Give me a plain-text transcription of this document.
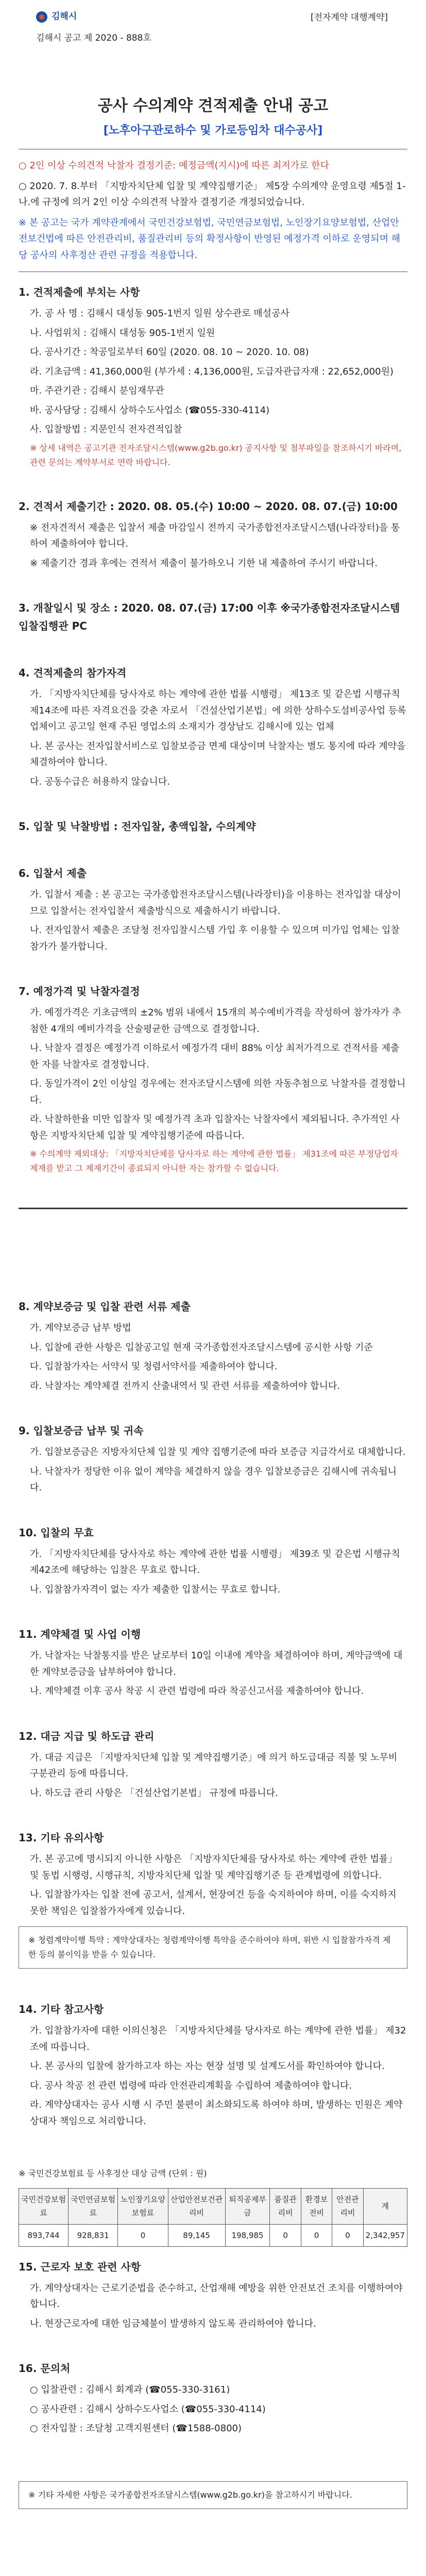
김해시
김해시 공고 제 2020 - 888호
[전자계약 대행계약]
공사 수의계약 견적제출 안내 공고
[노후아구관로하수 및 가로등임차 대수공사]

○ 2인 이상 수의견적 낙찰자 결정기준: 예정금액(지시)에 따른 최저가로 한다

○ 2020. 7. 8.부터 「지방자치단체 입찰 및 계약집행기준」 제5장 수의계약 운영요령 제5절 1-나.에 규정에 의거 2인 이상 수의견적 낙찰자 결정기준 개정되었습니다.

※ 본 공고는 국가 계약관계에서 국민건강보험법, 국민연금보험법, 노인장기요양보험법, 산업안전보건법에 따른 안전관리비, 품질관리비 등의 확정사항이 반영된 예정가격 이하로 운영되며 해당 공사의 사후정산 관련 규정을 적용합니다.

1. 견적제출에 부치는 사항
가. 공 사 명 : 김해시 대성동 905-1번지 일원 상수관로 매설공사
나. 사업위치 : 김해시 대성동 905-1번지 일원
다. 공사기간 : 착공일로부터 60일 (2020. 08. 10 ~ 2020. 10. 08)
라. 기초금액 : 41,360,000원 (부가세 : 4,136,000원, 도급자관급자재 : 22,652,000원)
마. 주관기관 : 김해시 분임재무관
바. 공사담당 : 김해시 상하수도사업소 (☎055-330-4114)
사. 입찰방법 : 지문인식 전자견적입찰
※ 상세 내역은 공고기관 전자조달시스템(www.g2b.go.kr) 공지사항 및 첨부파일을 참조하시기 바라며, 관련 문의는 계약부서로 연락 바랍니다.
2. 견적서 제출기간 : 2020. 08. 05.(수) 10:00 ~ 2020. 08. 07.(금) 10:00
※ 전자견적서 제출은 입찰서 제출 마감일시 전까지 국가종합전자조달시스템(나라장터)을 통하여 제출하여야 합니다.
※ 제출기간 경과 후에는 견적서 제출이 불가하오니 기한 내 제출하여 주시기 바랍니다.
3. 개찰일시 및 장소 : 2020. 08. 07.(금) 17:00 이후 ※국가종합전자조달시스템 입찰집행관 PC
4. 견적제출의 참가자격
가. 「지방자치단체를 당사자로 하는 계약에 관한 법률 시행령」 제13조 및 같은법 시행규칙 제14조에 따른 자격요건을 갖춘 자로서 「건설산업기본법」에 의한 상하수도설비공사업 등록업체이고 공고일 현재 주된 영업소의 소재지가 경상남도 김해시에 있는 업체
나. 본 공사는 전자입찰서비스로 입찰보증금 면제 대상이며 낙찰자는 별도 통지에 따라 계약을 체결하여야 합니다.
다. 공동수급은 허용하지 않습니다.
5. 입찰 및 낙찰방법 : 전자입찰, 총액입찰, 수의계약
6. 입찰서 제출
가. 입찰서 제출 : 본 공고는 국가종합전자조달시스템(나라장터)을 이용하는 전자입찰 대상이므로 입찰서는 전자입찰서 제출방식으로 제출하시기 바랍니다.
나. 전자입찰서 제출은 조달청 전자입찰시스템 가입 후 이용할 수 있으며 미가입 업체는 입찰참가가 불가합니다.
7. 예정가격 및 낙찰자결정
가. 예정가격은 기초금액의 ±2% 범위 내에서 15개의 복수예비가격을 작성하여 참가자가 추첨한 4개의 예비가격을 산술평균한 금액으로 결정합니다.
나. 낙찰자 결정은 예정가격 이하로서 예정가격 대비 88% 이상 최저가격으로 견적서를 제출한 자를 낙찰자로 결정합니다.
다. 동일가격이 2인 이상일 경우에는 전자조달시스템에 의한 자동추첨으로 낙찰자를 결정합니다.
라. 낙찰하한율 미만 입찰자 및 예정가격 초과 입찰자는 낙찰자에서 제외됩니다. 추가적인 사항은 지방자치단체 입찰 및 계약집행기준에 따릅니다.
※ 수의계약 제외대상: 「지방자치단체를 당사자로 하는 계약에 관한 법률」 제31조에 따른 부정당업자 제재를 받고 그 제재기간이 종료되지 아니한 자는 참가할 수 없습니다.
8. 계약보증금 및 입찰 관련 서류 제출
가. 계약보증금 납부 방법
나. 입찰에 관한 사항은 입찰공고일 현재 국가종합전자조달시스템에 공시한 사항 기준
다. 입찰참가자는 서약서 및 청렴서약서를 제출하여야 합니다.
라. 낙찰자는 계약체결 전까지 산출내역서 및 관련 서류를 제출하여야 합니다.
9. 입찰보증금 납부 및 귀속
가. 입찰보증금은 지방자치단체 입찰 및 계약 집행기준에 따라 보증금 지급각서로 대체합니다.
나. 낙찰자가 정당한 이유 없이 계약을 체결하지 않을 경우 입찰보증금은 김해시에 귀속됩니다.
10. 입찰의 무효
가. 「지방자치단체를 당사자로 하는 계약에 관한 법률 시행령」 제39조 및 같은법 시행규칙 제42조에 해당하는 입찰은 무효로 합니다.
나. 입찰참가자격이 없는 자가 제출한 입찰서는 무효로 합니다.
11. 계약체결 및 사업 이행
가. 낙찰자는 낙찰통지를 받은 날로부터 10일 이내에 계약을 체결하여야 하며, 계약금액에 대한 계약보증금을 납부하여야 합니다.
나. 계약체결 이후 공사 착공 시 관련 법령에 따라 착공신고서를 제출하여야 합니다.
12. 대금 지급 및 하도급 관리
가. 대금 지급은 「지방자치단체 입찰 및 계약집행기준」에 의거 하도급대금 직불 및 노무비 구분관리 등에 따릅니다.
나. 하도급 관리 사항은 「건설산업기본법」 규정에 따릅니다.
13. 기타 유의사항
가. 본 공고에 명시되지 아니한 사항은 「지방자치단체를 당사자로 하는 계약에 관한 법률」 및 동법 시행령, 시행규칙, 지방자치단체 입찰 및 계약집행기준 등 관계법령에 의합니다.
나. 입찰참가자는 입찰 전에 공고서, 설계서, 현장여건 등을 숙지하여야 하며, 이를 숙지하지 못한 책임은 입찰참가자에게 있습니다.
※ 청렴계약이행 특약 : 계약상대자는 청렴계약이행 특약을 준수하여야 하며, 위반 시 입찰참가자격 제한 등의 불이익을 받을 수 있습니다.
14. 기타 참고사항
가. 입찰참가자에 대한 이의신청은 「지방자치단체를 당사자로 하는 계약에 관한 법률」 제32조에 따릅니다.
나. 본 공사의 입찰에 참가하고자 하는 자는 현장 설명 및 설계도서를 확인하여야 합니다.
다. 공사 착공 전 관련 법령에 따라 안전관리계획을 수립하여 제출하여야 합니다.
라. 계약상대자는 공사 시행 시 주민 불편이 최소화되도록 하여야 하며, 발생하는 민원은 계약상대자 책임으로 처리합니다.
※ 국민건강보험료 등 사후정산 대상 금액 (단위 : 원)
국민건강보험료	국민연금보험료	노인장기요양보험료	산업안전보건관리비	퇴직공제부금	품질관리비	환경보전비	안전관리비	계
893,744	928,831	0	89,145	198,985	0	0	0	2,342,957
15. 근로자 보호 관련 사항
가. 계약상대자는 근로기준법을 준수하고, 산업재해 예방을 위한 안전보건 조치를 이행하여야 합니다.
나. 현장근로자에 대한 임금체불이 발생하지 않도록 관리하여야 합니다.
16. 문의처
○ 입찰관련 : 김해시 회계과 (☎055-330-3161)
○ 공사관련 : 김해시 상하수도사업소 (☎055-330-4114)
○ 전자입찰 : 조달청 고객지원센터 (☎1588-0800)
※ 기타 자세한 사항은 국가종합전자조달시스템(www.g2b.go.kr)을 참고하시기 바랍니다.
